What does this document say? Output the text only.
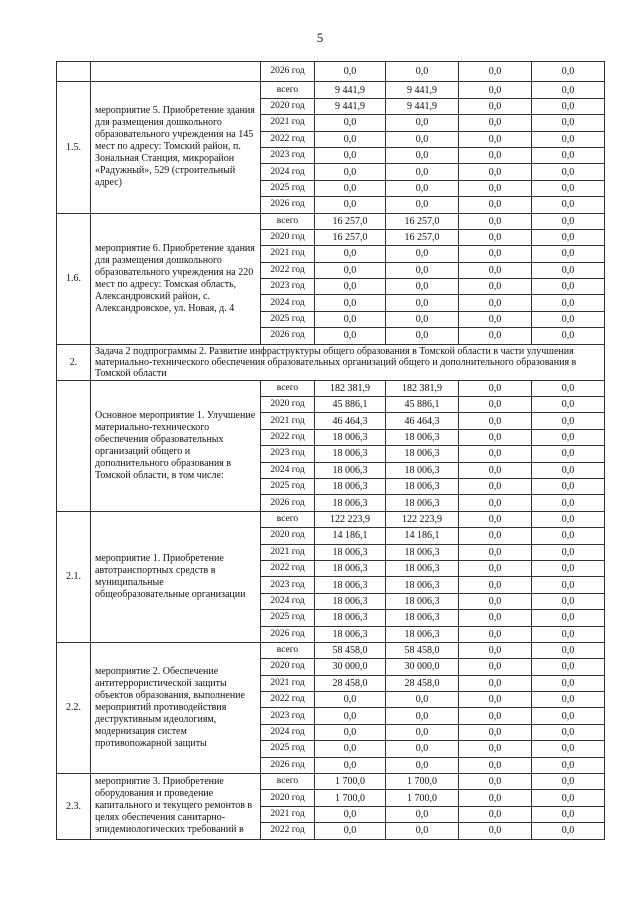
5
		2026 год	0,0	0,0	0,0	0,0
1.5.	мероприятие 5. Приобретение здания для размещения дошкольного образовательного учреждения на 145 мест по адресу: Томский район, п. Зональная Станция, микрорайон «Радужный», 529 (строительный адрес)	всего	9 441,9	9 441,9	0,0	0,0
		2020 год	9 441,9	9 441,9	0,0	0,0
		2021 год	0,0	0,0	0,0	0,0
		2022 год	0,0	0,0	0,0	0,0
		2023 год	0,0	0,0	0,0	0,0
		2024 год	0,0	0,0	0,0	0,0
		2025 год	0,0	0,0	0,0	0,0
		2026 год	0,0	0,0	0,0	0,0
1.6.	мероприятие 6. Приобретение здания для размещения дошкольного образовательного учреждения на 220 мест по адресу: Томская область, Александровский район, с. Александровское, ул. Новая, д. 4	всего	16 257,0	16 257,0	0,0	0,0
		2020 год	16 257,0	16 257,0	0,0	0,0
		2021 год	0,0	0,0	0,0	0,0
		2022 год	0,0	0,0	0,0	0,0
		2023 год	0,0	0,0	0,0	0,0
		2024 год	0,0	0,0	0,0	0,0
		2025 год	0,0	0,0	0,0	0,0
		2026 год	0,0	0,0	0,0	0,0
2.	Задача 2 подпрограммы 2. Развитие инфраструктуры общего образования в Томской области в части улучшения материально-технического обеспечения образовательных организаций общего и дополнительного образования в Томской области					
	Основное мероприятие 1. Улучшение материально-технического обеспечения образовательных организаций общего и дополнительного образования в Томской области, в том числе:	всего	182 381,9	182 381,9	0,0	0,0
		2020 год	45 886,1	45 886,1	0,0	0,0
		2021 год	46 464,3	46 464,3	0,0	0,0
		2022 год	18 006,3	18 006,3	0,0	0,0
		2023 год	18 006,3	18 006,3	0,0	0,0
		2024 год	18 006,3	18 006,3	0,0	0,0
		2025 год	18 006,3	18 006,3	0,0	0,0
		2026 год	18 006,3	18 006,3	0,0	0,0
2.1.	мероприятие 1. Приобретение автотранспортных средств в муниципальные общеобразовательные организации	всего	122 223,9	122 223,9	0,0	0,0
		2020 год	14 186,1	14 186,1	0,0	0,0
		2021 год	18 006,3	18 006,3	0,0	0,0
		2022 год	18 006,3	18 006,3	0,0	0,0
		2023 год	18 006,3	18 006,3	0,0	0,0
		2024 год	18 006,3	18 006,3	0,0	0,0
		2025 год	18 006,3	18 006,3	0,0	0,0
		2026 год	18 006,3	18 006,3	0,0	0,0
2.2.	мероприятие 2. Обеспечение антитеррористической защиты объектов образования, выполнение мероприятий противодействия деструктивным идеологиям, модернизация систем противопожарной защиты	всего	58 458,0	58 458,0	0,0	0,0
		2020 год	30 000,0	30 000,0	0,0	0,0
		2021 год	28 458,0	28 458,0	0,0	0,0
		2022 год	0,0	0,0	0,0	0,0
		2023 год	0,0	0,0	0,0	0,0
		2024 год	0,0	0,0	0,0	0,0
		2025 год	0,0	0,0	0,0	0,0
		2026 год	0,0	0,0	0,0	0,0
2.3.	мероприятие 3. Приобретение оборудования и проведение капитального и текущего ремонтов в целях обеспечения санитарно-эпидемиологических требований в	всего	1 700,0	1 700,0	0,0	0,0
		2020 год	1 700,0	1 700,0	0,0	0,0
		2021 год	0,0	0,0	0,0	0,0
		2022 год	0,0	0,0	0,0	0,0
